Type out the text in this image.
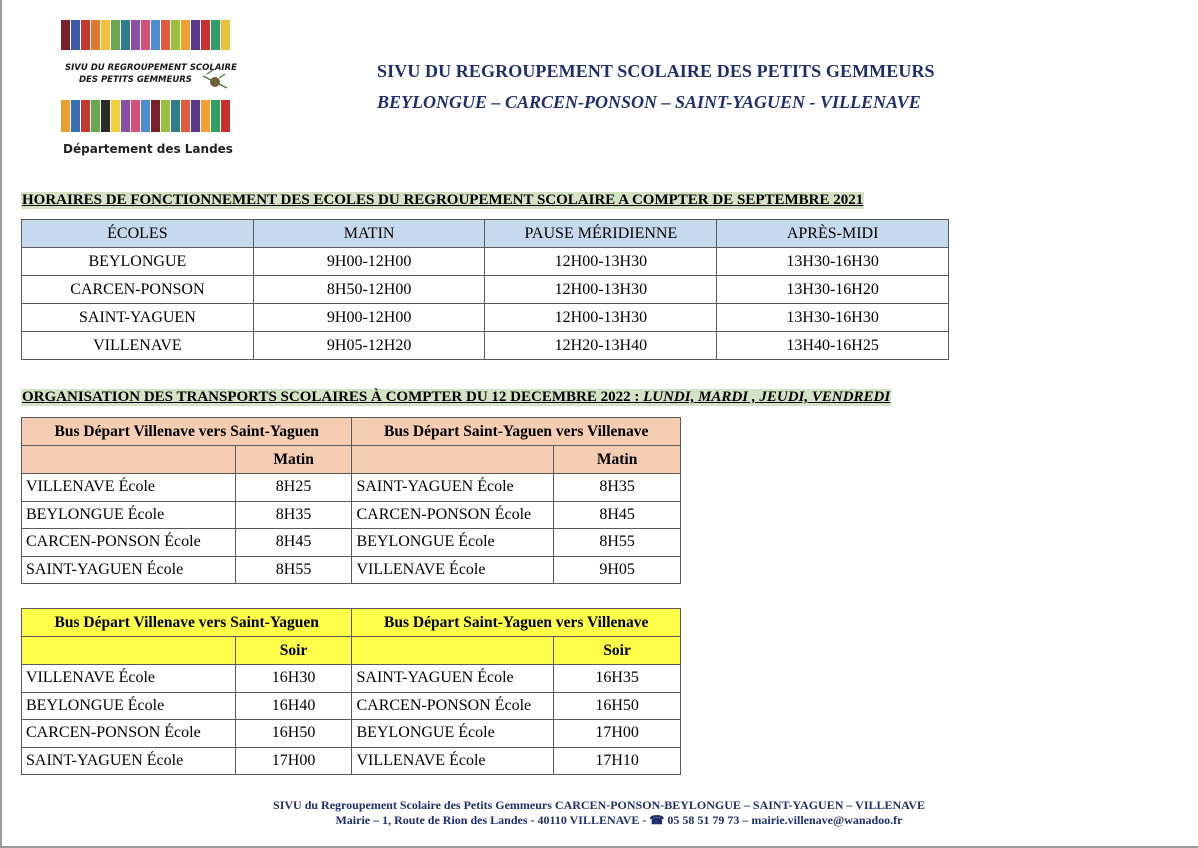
SIVU DU REGROUPEMENT SCOLAIRE
DES PETITS GEMMEURS
Département des Landes
SIVU DU REGROUPEMENT SCOLAIRE DES PETITS GEMMEURS
BEYLONGUE – CARCEN-PONSON – SAINT-YAGUEN - VILLENAVE
HORAIRES DE FONCTIONNEMENT DES ECOLES DU REGROUPEMENT SCOLAIRE A COMPTER DE SEPTEMBRE 2021
ÉCOLES	MATIN	PAUSE MÉRIDIENNE	APRÈS-MIDI
BEYLONGUE	9H00-12H00	12H00-13H30	13H30-16H30
CARCEN-PONSON	8H50-12H00	12H00-13H30	13H30-16H20
SAINT-YAGUEN	9H00-12H00	12H00-13H30	13H30-16H30
VILLENAVE	9H05-12H20	12H20-13H40	13H40-16H25
ORGANISATION DES TRANSPORTS SCOLAIRES À COMPTER DU 12 DECEMBRE 2022 : LUNDI, MARDI , JEUDI, VENDREDI
Bus Départ Villenave vers Saint-Yaguen		Bus Départ Saint-Yaguen vers Villenave	
	Matin		Matin
VILLENAVE École	8H25	SAINT-YAGUEN École	8H35
BEYLONGUE École	8H35	CARCEN-PONSON École	8H45
CARCEN-PONSON École	8H45	BEYLONGUE École	8H55
SAINT-YAGUEN École	8H55	VILLENAVE École	9H05
Bus Départ Villenave vers Saint-Yaguen		Bus Départ Saint-Yaguen vers Villenave	
	Soir		Soir
VILLENAVE École	16H30	SAINT-YAGUEN École	16H35
BEYLONGUE École	16H40	CARCEN-PONSON École	16H50
CARCEN-PONSON École	16H50	BEYLONGUE École	17H00
SAINT-YAGUEN École	17H00	VILLENAVE École	17H10
SIVU du Regroupement Scolaire des Petits Gemmeurs CARCEN-PONSON-BEYLONGUE – SAINT-YAGUEN – VILLENAVE
Mairie – 1, Route de Rion des Landes - 40110 VILLENAVE - ☎ 05 58 51 79 73 – mairie.villenave@wanadoo.fr
